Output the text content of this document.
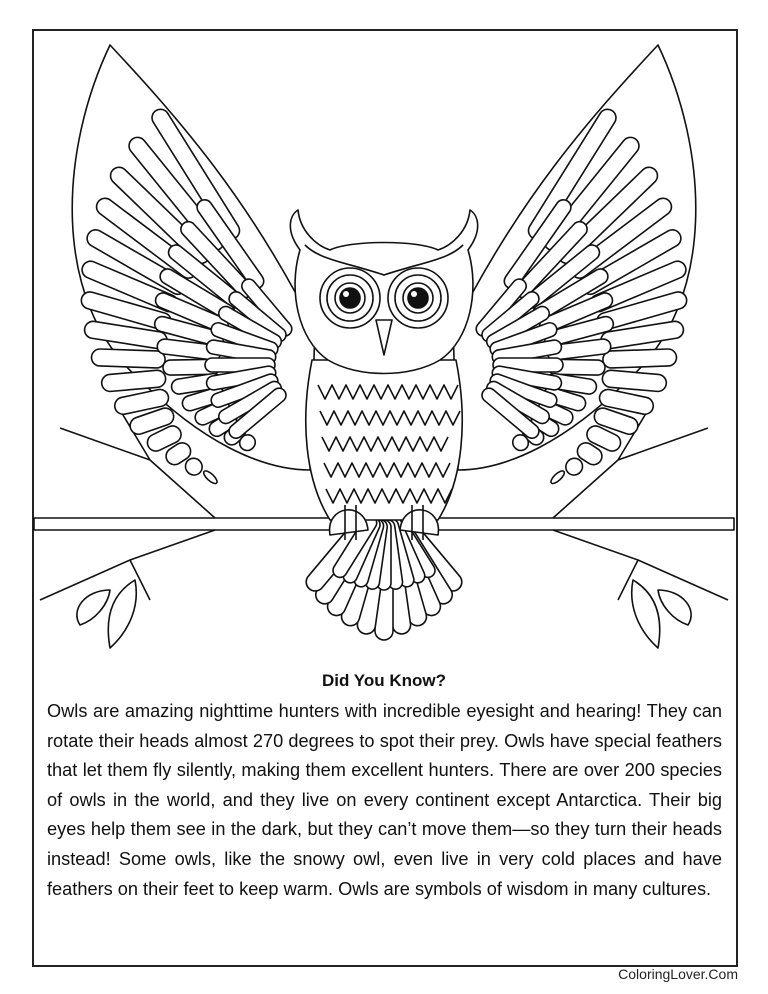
Did You Know?
Owls are amazing nighttime hunters with incredible eyesight and hearing! They can rotate their heads almost 270 degrees to spot their prey. Owls have special feathers that let them fly silently, making them excellent hunters. There are over 200 species of owls in the world, and they live on every continent except Antarctica. Their big eyes help them see in the dark, but they can’t move them—so they turn their heads instead! Some owls, like the snowy owl, even live in very cold places and have feathers on their feet to keep warm. Owls are symbols of wisdom in many cultures.
ColoringLover.Com
